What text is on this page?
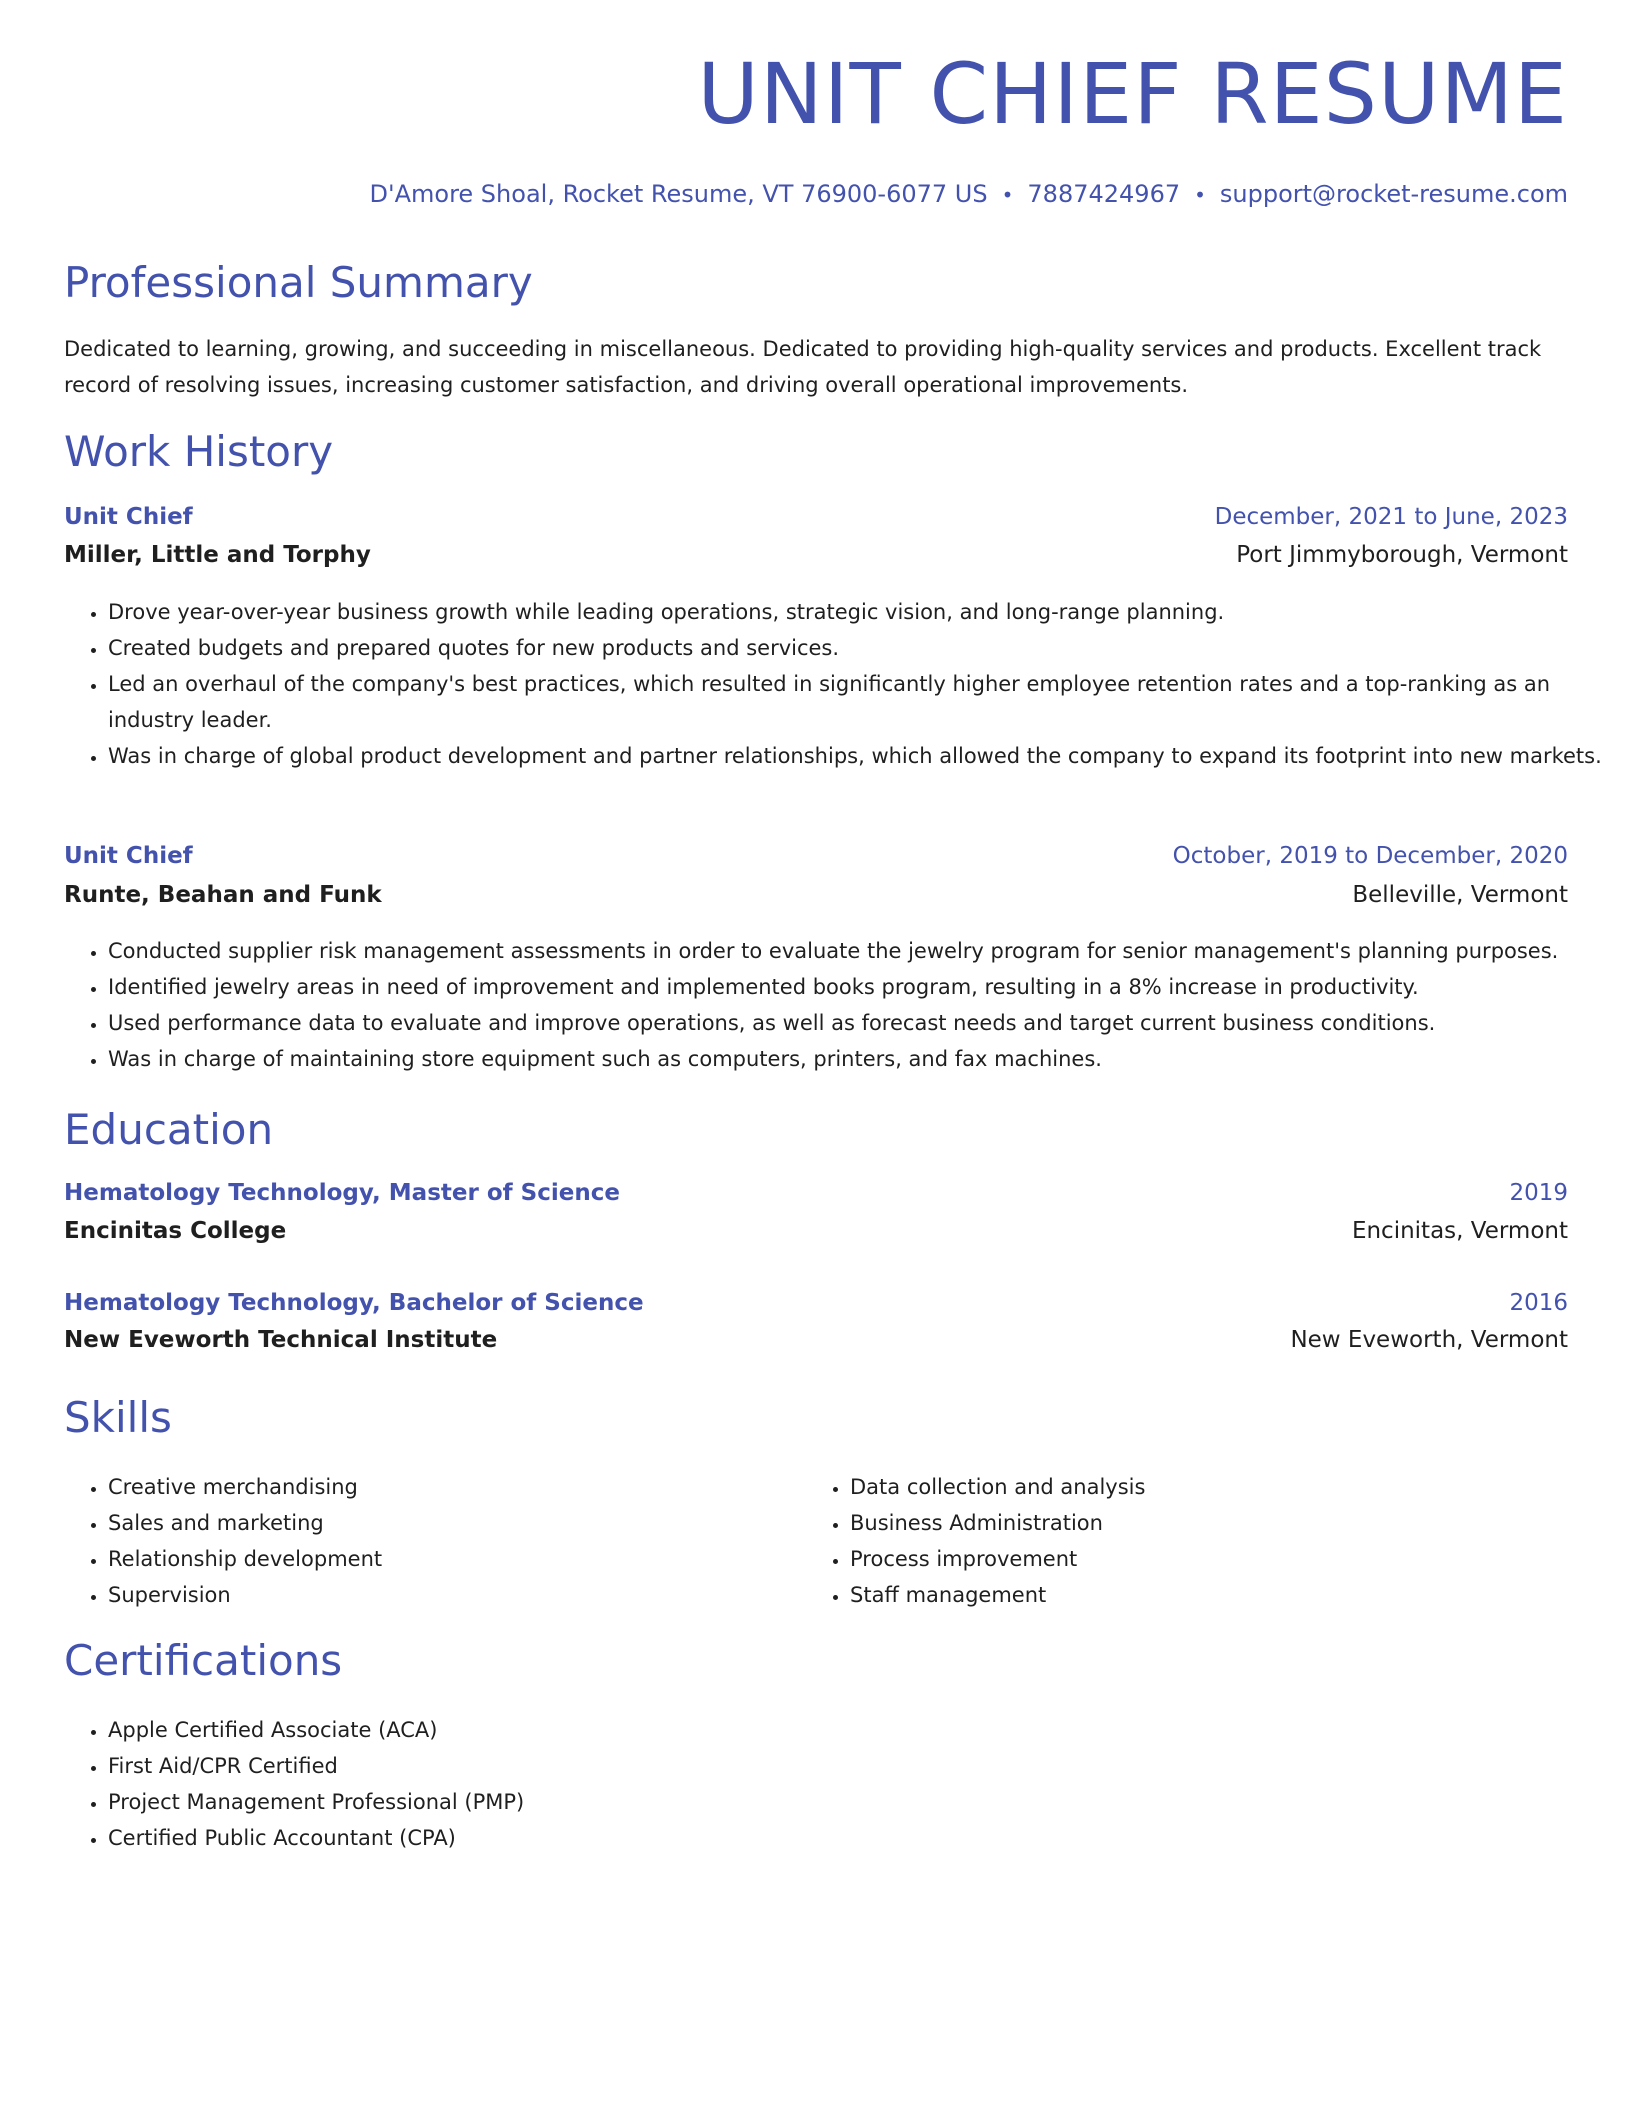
UNIT CHIEF RESUME
D'Amore Shoal, Rocket Resume, VT 76900-6077 US • 7887424967 • support@rocket-resume.com
Professional Summary

Dedicated to learning, growing, and succeeding in miscellaneous. Dedicated to providing high-quality services and products. Excellent track record of resolving issues, increasing customer satisfaction, and driving overall operational improvements.

Work History
Unit Chief	December, 2021 to June, 2023
Miller, Little and Torphy	Port Jimmyborough, Vermont
• Drove year-over-year business growth while leading operations, strategic vision, and long-range planning.
• Created budgets and prepared quotes for new products and services.
• Led an overhaul of the company's best practices, which resulted in significantly higher employee retention rates and a top-ranking as an industry leader.
• Was in charge of global product development and partner relationships, which allowed the company to expand its footprint into new markets.
Unit Chief	October, 2019 to December, 2020
Runte, Beahan and Funk	Belleville, Vermont
• Conducted supplier risk management assessments in order to evaluate the jewelry program for senior management's planning purposes.
• Identified jewelry areas in need of improvement and implemented books program, resulting in a 8% increase in productivity.
• Used performance data to evaluate and improve operations, as well as forecast needs and target current business conditions.
• Was in charge of maintaining store equipment such as computers, printers, and fax machines.
Education
Hematology Technology, Master of Science	2019
Encinitas College	Encinitas, Vermont
Hematology Technology, Bachelor of Science	2016
New Eveworth Technical Institute	New Eveworth, Vermont
Skills
• Creative merchandising
• Sales and marketing
• Relationship development
• Supervision
• Data collection and analysis
• Business Administration
• Process improvement
• Staff management
Certifications
• Apple Certified Associate (ACA)
• First Aid/CPR Certified
• Project Management Professional (PMP)
• Certified Public Accountant (CPA)
